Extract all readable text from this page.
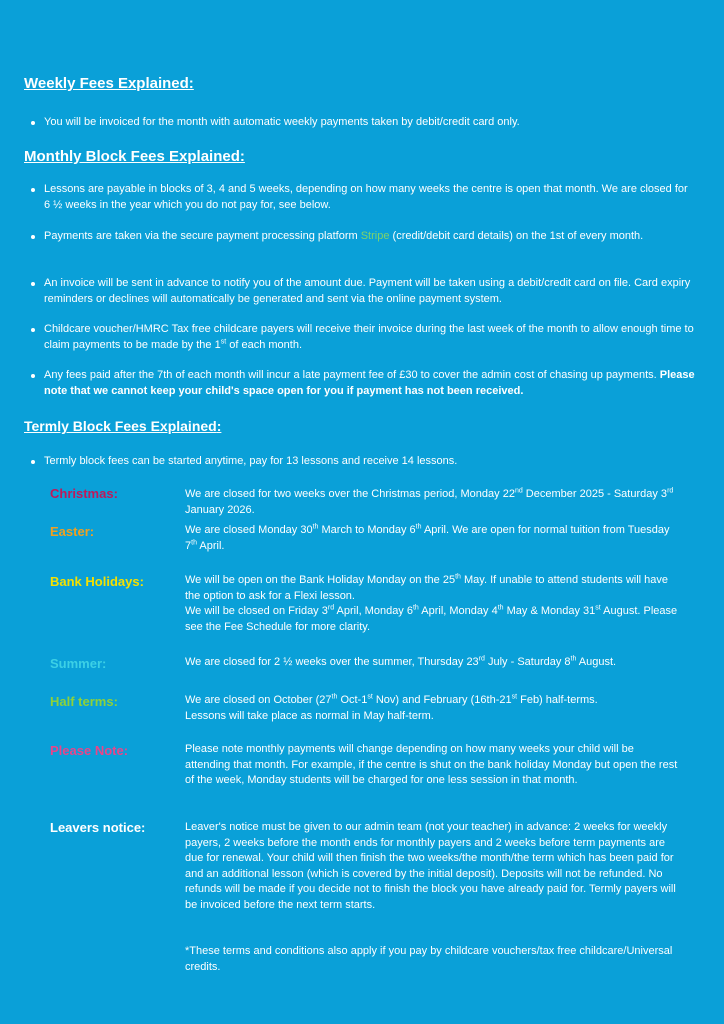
Weekly Fees Explained:
You will be invoiced for the month with automatic weekly payments taken by debit/credit card only.
Monthly Block Fees Explained:
Lessons are payable in blocks of 3, 4 and 5 weeks, depending on how many weeks the centre is open that month. We are closed for 6 ½ weeks in the year which you do not pay for, see below.
Payments are taken via the secure payment processing platform Stripe (credit/debit card details) on the 1st of every month.
An invoice will be sent in advance to notify you of the amount due. Payment will be taken using a debit/credit card on file. Card expiry reminders or declines will automatically be generated and sent via the online payment system.
Childcare voucher/HMRC Tax free childcare payers will receive their invoice during the last week of the month to allow enough time to claim payments to be made by the 1st of each month.
Any fees paid after the 7th of each month will incur a late payment fee of £30 to cover the admin cost of chasing up payments. Please note that we cannot keep your child's space open for you if payment has not been received.
Termly Block Fees Explained:
Termly block fees can be started anytime, pay for 13 lessons and receive 14 lessons.
Christmas:	We are closed for two weeks over the Christmas period, Monday 22nd December 2025 - Saturday 3rd January 2026.
Easter:	We are closed Monday 30th March to Monday 6th April. We are open for normal tuition from Tuesday 7th April.
Bank Holidays:	We will be open on the Bank Holiday Monday on the 25th May. If unable to attend students will have the option to ask for a Flexi lesson.

We will be closed on Friday 3rd April, Monday 6th April, Monday 4th May & Monday 31st August. Please see the Fee Schedule for more clarity.

Summer:	We are closed for 2 ½ weeks over the summer, Thursday 23rd July - Saturday 8th August.
Half terms:	We are closed on October (27th Oct-1st Nov) and February (16th-21st Feb) half-terms.

Lessons will take place as normal in May half-term.

Please Note:	Please note monthly payments will change depending on how many weeks your child will be attending that month. For example, if the centre is shut on the bank holiday Monday but open the rest of the week, Monday students will be charged for one less session in that month.
Leavers notice:	Leaver's notice must be given to our admin team (not your teacher) in advance: 2 weeks for weekly payers, 2 weeks before the month ends for monthly payers and 2 weeks before term payments are due for renewal. Your child will then finish the two weeks/the month/the term which has been paid for and an additional lesson (which is covered by the initial deposit). Deposits will not be refunded. No refunds will be made if you decide not to finish the block you have already paid for. Termly payers will be invoiced before the next term starts.
*These terms and conditions also apply if you pay by childcare vouchers/tax free childcare/Universal credits.
